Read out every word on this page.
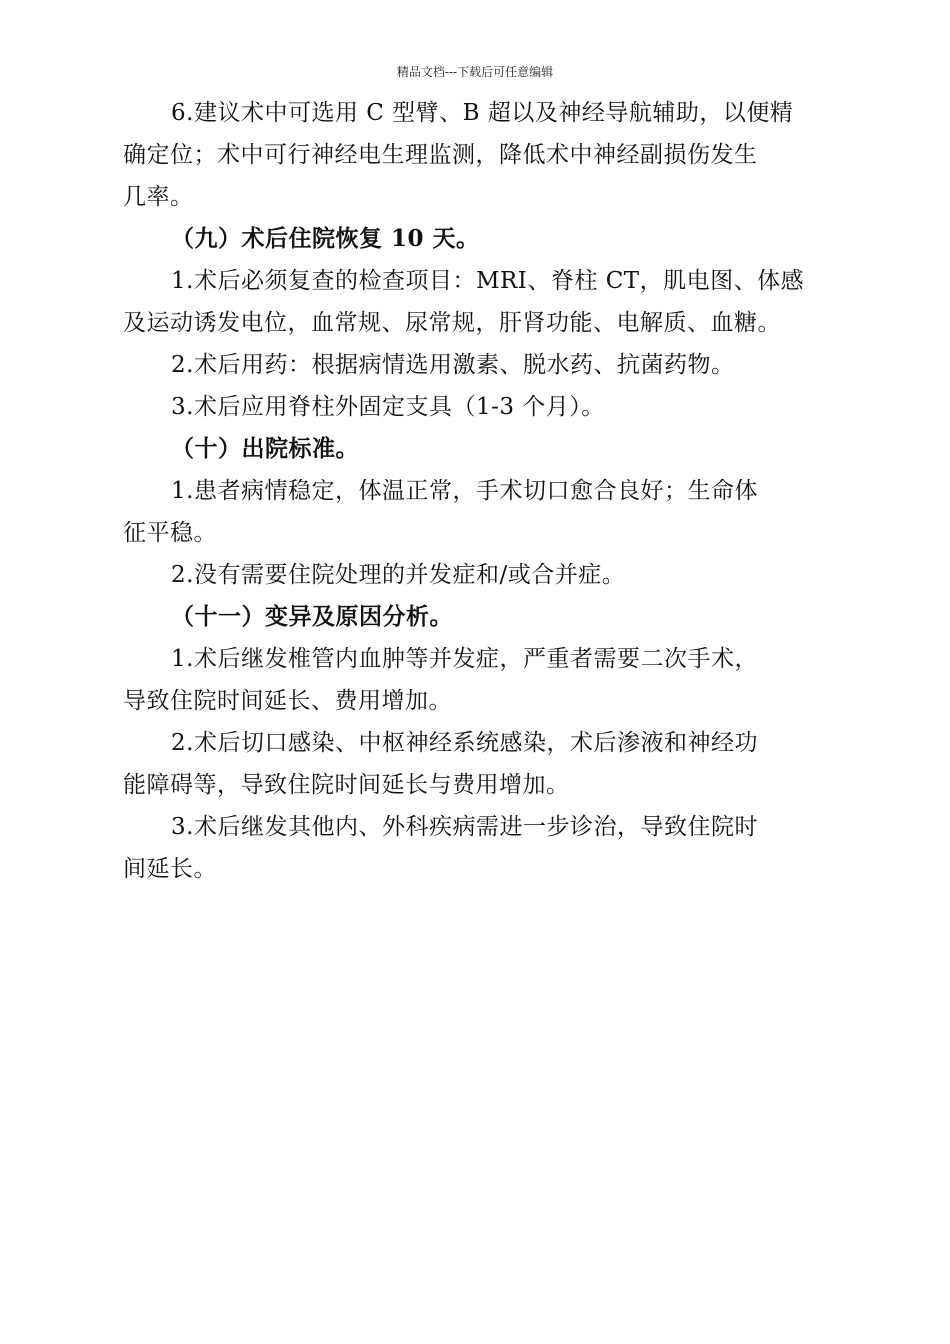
精品文档---下载后可任意编辑
6.建议术中可选用 C 型臂、B 超以及神经导航辅助，以便精
确定位；术中可行神经电生理监测，降低术中神经副损伤发生
几率。
（九）术后住院恢复 10 天。
1.术后必须复查的检查项目：MRI、脊柱 CT，肌电图、体感
及运动诱发电位，血常规、尿常规，肝肾功能、电解质、血糖。
2.术后用药：根据病情选用激素、脱水药、抗菌药物。
3.术后应用脊柱外固定支具（1-3 个月）。
（十）出院标准。
1.患者病情稳定，体温正常，手术切口愈合良好；生命体
征平稳。
2.没有需要住院处理的并发症和/或合并症。
（十一）变异及原因分析。
1.术后继发椎管内血肿等并发症，严重者需要二次手术，
导致住院时间延长、费用增加。
2.术后切口感染、中枢神经系统感染，术后渗液和神经功
能障碍等，导致住院时间延长与费用增加。
3.术后继发其他内、外科疾病需进一步诊治，导致住院时
间延长。
